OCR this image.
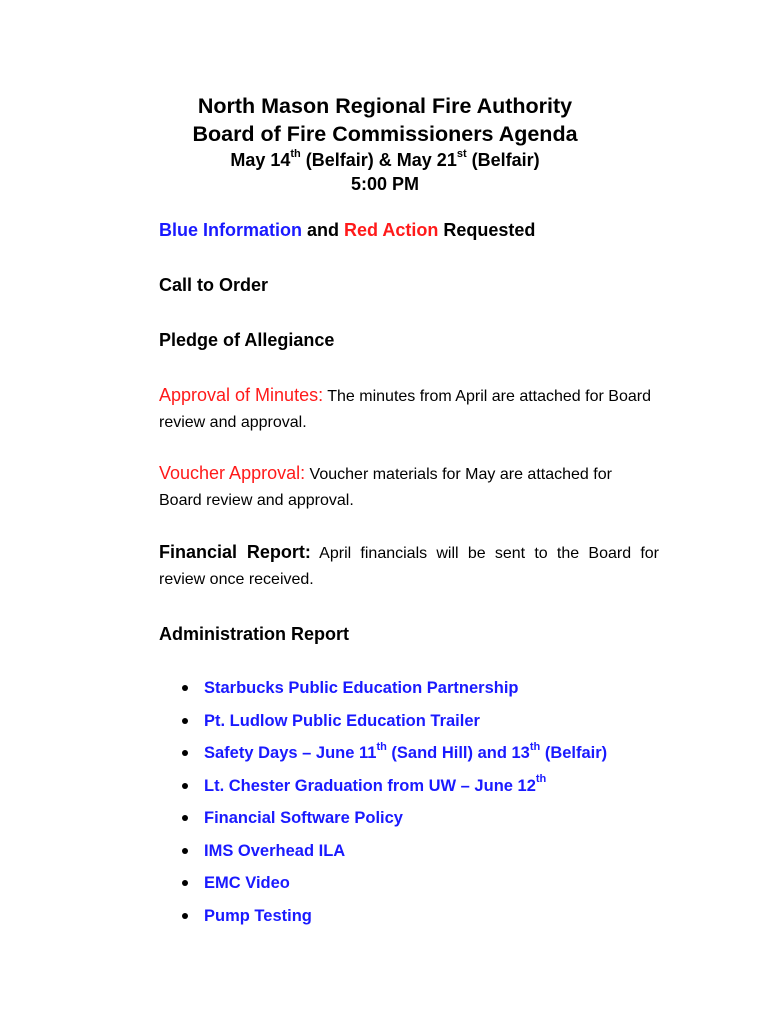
North Mason Regional Fire Authority
Board of Fire Commissioners Agenda
May 14th (Belfair) & May 21st (Belfair)
5:00 PM
Blue Information and Red Action Requested
Call to Order
Pledge of Allegiance
Approval of Minutes: The minutes from April are attached for Board review and approval.
Voucher Approval: Voucher materials for May are attached for Board review and approval.
Financial Report: April financials will be sent to the Board for review once received.
Administration Report
Starbucks Public Education Partnership
Pt. Ludlow Public Education Trailer
Safety Days – June 11th (Sand Hill) and 13th (Belfair)
Lt. Chester Graduation from UW – June 12th
Financial Software Policy
IMS Overhead ILA
EMC Video
Pump Testing
